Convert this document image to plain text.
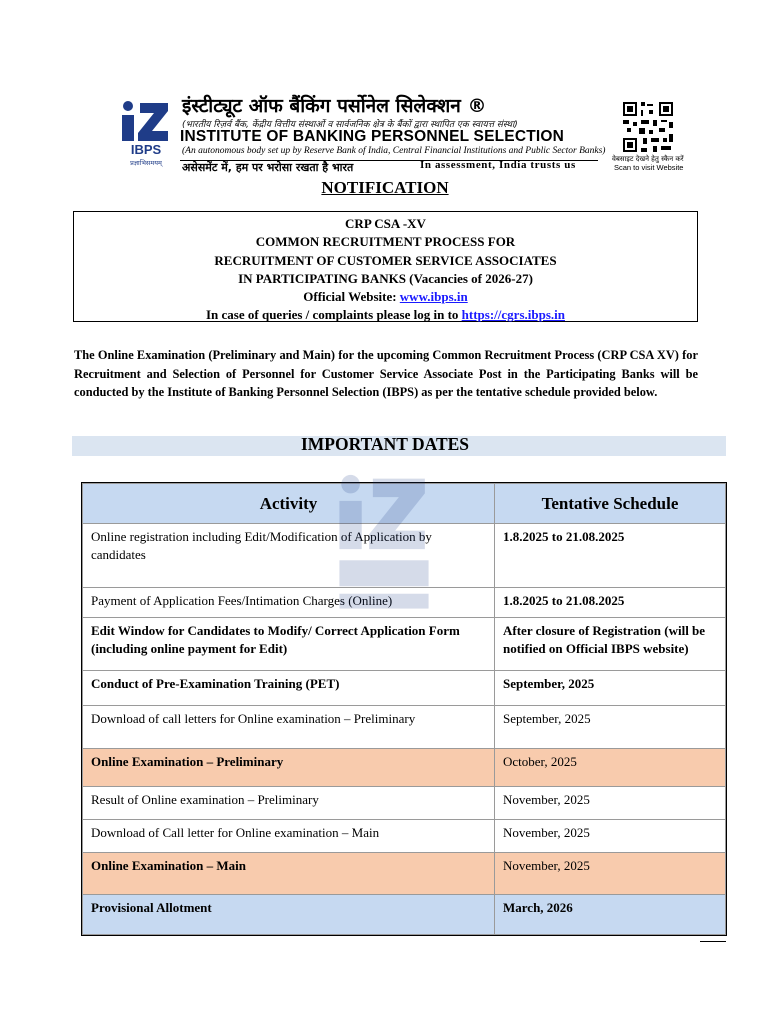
IBPS
प्रज्ञाभिसमयम्
इंस्टीट्यूट ऑफ बैंकिंग पर्सोनेल सिलेक्शन ®
(भारतीय रिज़र्व बैंक, केंद्रीय वित्तीय संस्थाओं व सार्वजनिक क्षेत्र के बैंकों द्वारा स्थापित एक स्वायत्त संस्था)
INSTITUTE OF BANKING PERSONNEL SELECTION
(An autonomous body set up by Reserve Bank of India, Central Financial Institutions and Public Sector Banks)
असेसमेंट में, हम पर भरोसा रखता है भारत	In assessment, India trusts us	वेबसाइट देखने हेतु स्कैन करें
Scan to visit Website
NOTIFICATION
CRP CSA -XV
COMMON RECRUITMENT PROCESS FOR
RECRUITMENT OF CUSTOMER SERVICE ASSOCIATES
IN PARTICIPATING BANKS (Vacancies of 2026-27)
Official Website: www.ibps.in
In case of queries / complaints please log in to https://cgrs.ibps.in
The Online Examination (Preliminary and Main) for the upcoming Common Recruitment Process (CRP CSA XV) for Recruitment and Selection of Personnel for Customer Service Associate Post in the Participating Banks will be conducted by the Institute of Banking Personnel Selection (IBPS) as per the tentative schedule provided below.
IMPORTANT DATES
Activity	Tentative Schedule
Online registration including Edit/Modification of Application by candidates	1.8.2025 to 21.08.2025
Payment of Application Fees/Intimation Charges (Online)	1.8.2025 to 21.08.2025
Edit Window for Candidates to Modify/ Correct Application Form (including online payment for Edit)	After closure of Registration (will be notified on Official IBPS website)
Conduct of Pre-Examination Training (PET)	September, 2025
Download of call letters for Online examination – Preliminary	September, 2025
Online Examination – Preliminary	October, 2025
Result of Online examination – Preliminary	November, 2025
Download of Call letter for Online examination – Main	November, 2025
Online Examination – Main	November, 2025
Provisional Allotment	March, 2026
